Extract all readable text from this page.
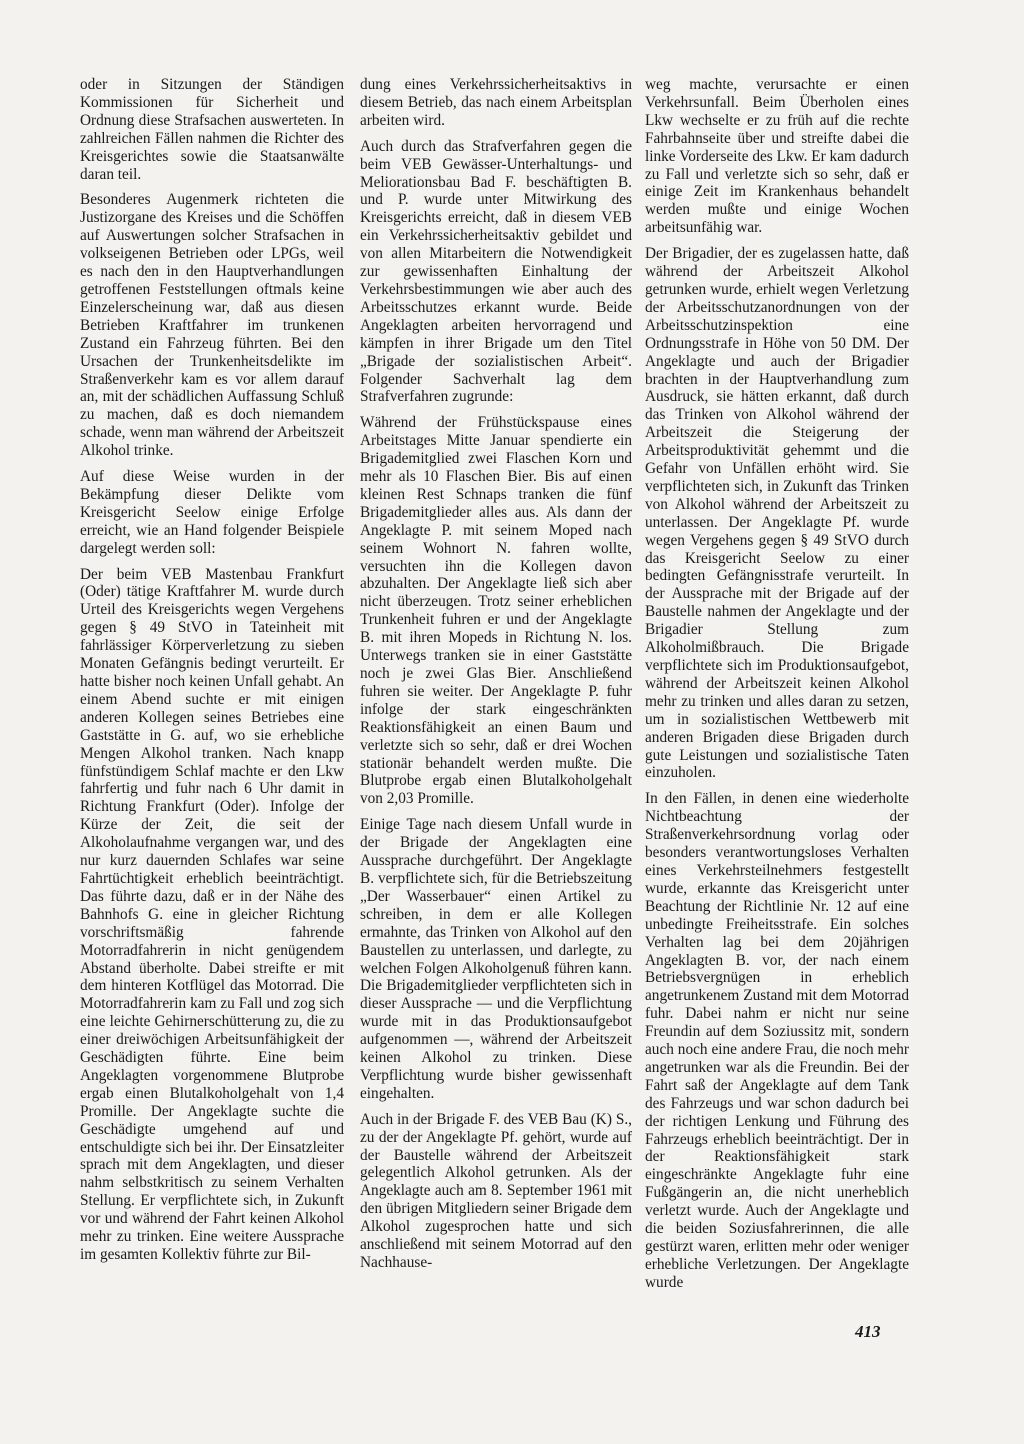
oder in Sitzungen der Ständigen Kommissionen für Sicherheit und Ordnung diese Strafsachen auswerteten. In zahlreichen Fällen nahmen die Richter des Kreisgerichtes sowie die Staatsanwälte daran teil.

Besonderes Augenmerk richteten die Justizorgane des Kreises und die Schöffen auf Auswertungen solcher Strafsachen in volkseigenen Betrieben oder LPGs, weil es nach den in den Hauptverhandlungen getroffenen Feststellungen oftmals keine Einzelerscheinung war, daß aus diesen Betrieben Kraftfahrer im trunkenen Zustand ein Fahrzeug führten. Bei den Ursachen der Trunkenheitsdelikte im Straßenverkehr kam es vor allem darauf an, mit der schädlichen Auffassung Schluß zu machen, daß es doch niemandem schade, wenn man während der Arbeitszeit Alkohol trinke.

Auf diese Weise wurden in der Bekämpfung dieser Delikte vom Kreisgericht Seelow einige Erfolge erreicht, wie an Hand folgender Beispiele dargelegt werden soll:

Der beim VEB Mastenbau Frankfurt (Oder) tätige Kraftfahrer M. wurde durch Urteil des Kreisgerichts wegen Vergehens gegen § 49 StVO in Tateinheit mit fahrlässiger Körperverletzung zu sieben Monaten Gefängnis bedingt verurteilt. Er hatte bisher noch keinen Unfall gehabt. An einem Abend suchte er mit einigen anderen Kollegen seines Betriebes eine Gaststätte in G. auf, wo sie erhebliche Mengen Alkohol tranken. Nach knapp fünfstündigem Schlaf machte er den Lkw fahrfertig und fuhr nach 6 Uhr damit in Richtung Frankfurt (Oder). Infolge der Kürze der Zeit, die seit der Alkoholaufnahme vergangen war, und des nur kurz dauernden Schlafes war seine Fahrtüchtigkeit erheblich beeinträchtigt. Das führte dazu, daß er in der Nähe des Bahnhofs G. eine in gleicher Richtung vorschriftsmäßig fahrende Motorradfahrerin in nicht genügendem Abstand überholte. Dabei streifte er mit dem hinteren Kotflügel das Motorrad. Die Motorradfahrerin kam zu Fall und zog sich eine leichte Gehirnerschütterung zu, die zu einer dreiwöchigen Arbeitsunfähigkeit der Geschädigten führte. Eine beim Angeklagten vorgenommene Blutprobe ergab einen Blutalkoholgehalt von 1,4 Promille. Der Angeklagte suchte die Geschädigte umgehend auf und entschuldigte sich bei ihr. Der Einsatzleiter sprach mit dem Angeklagten, und dieser nahm selbstkritisch zu seinem Verhalten Stellung. Er verpflichtete sich, in Zukunft vor und während der Fahrt keinen Alkohol mehr zu trinken. Eine weitere Aussprache im gesamten Kollektiv führte zur Bil-

dung eines Verkehrssicherheitsaktivs in diesem Betrieb, das nach einem Arbeitsplan arbeiten wird.

Auch durch das Strafverfahren gegen die beim VEB Gewässer-Unterhaltungs- und Meliorationsbau Bad F. beschäftigten B. und P. wurde unter Mitwirkung des Kreisgerichts erreicht, daß in diesem VEB ein Verkehrssicherheitsaktiv gebildet und von allen Mitarbeitern die Notwendigkeit zur gewissenhaften Einhaltung der Verkehrsbestimmungen wie aber auch des Arbeitsschutzes erkannt wurde. Beide Angeklagten arbeiten hervorragend und kämpfen in ihrer Brigade um den Titel „Brigade der sozialistischen Arbeit“. Folgender Sachverhalt lag dem Strafverfahren zugrunde:

Während der Frühstückspause eines Arbeitstages Mitte Januar spendierte ein Brigademitglied zwei Flaschen Korn und mehr als 10 Flaschen Bier. Bis auf einen kleinen Rest Schnaps tranken die fünf Brigademitglieder alles aus. Als dann der Angeklagte P. mit seinem Moped nach seinem Wohnort N. fahren wollte, versuchten ihn die Kollegen davon abzuhalten. Der Angeklagte ließ sich aber nicht überzeugen. Trotz seiner erheblichen Trunkenheit fuhren er und der Angeklagte B. mit ihren Mopeds in Richtung N. los. Unterwegs tranken sie in einer Gaststätte noch je zwei Glas Bier. Anschließend fuhren sie weiter. Der Angeklagte P. fuhr infolge der stark eingeschränkten Reaktionsfähigkeit an einen Baum und verletzte sich so sehr, daß er drei Wochen stationär behandelt werden mußte. Die Blutprobe ergab einen Blutalkoholgehalt von 2,03 Promille.

Einige Tage nach diesem Unfall wurde in der Brigade der Angeklagten eine Aussprache durchgeführt. Der Angeklagte B. verpflichtete sich, für die Betriebszeitung „Der Wasserbauer“ einen Artikel zu schreiben, in dem er alle Kollegen ermahnte, das Trinken von Alkohol auf den Baustellen zu unterlassen, und darlegte, zu welchen Folgen Alkoholgenuß führen kann. Die Brigademitglieder verpflichteten sich in dieser Aussprache — und die Verpflichtung wurde mit in das Produktionsaufgebot aufgenommen —, während der Arbeitszeit keinen Alkohol zu trinken. Diese Verpflichtung wurde bisher gewissenhaft eingehalten.

Auch in der Brigade F. des VEB Bau (K) S., zu der der Angeklagte Pf. gehört, wurde auf der Baustelle während der Arbeitszeit gelegentlich Alkohol getrunken. Als der Angeklagte auch am 8. September 1961 mit den übrigen Mitgliedern seiner Brigade dem Alkohol zugesprochen hatte und sich anschließend mit seinem Motorrad auf den Nachhause-

weg machte, verursachte er einen Verkehrsunfall. Beim Überholen eines Lkw wechselte er zu früh auf die rechte Fahrbahnseite über und streifte dabei die linke Vorderseite des Lkw. Er kam dadurch zu Fall und verletzte sich so sehr, daß er einige Zeit im Krankenhaus behandelt werden mußte und einige Wochen arbeitsunfähig war.

Der Brigadier, der es zugelassen hatte, daß während der Arbeitszeit Alkohol getrunken wurde, erhielt wegen Verletzung der Arbeitsschutzanordnungen von der Arbeitsschutzinspektion eine Ordnungsstrafe in Höhe von 50 DM. Der Angeklagte und auch der Brigadier brachten in der Hauptverhandlung zum Ausdruck, sie hätten erkannt, daß durch das Trinken von Alkohol während der Arbeitszeit die Steigerung der Arbeitsproduktivität gehemmt und die Gefahr von Unfällen erhöht wird. Sie verpflichteten sich, in Zukunft das Trinken von Alkohol während der Arbeitszeit zu unterlassen. Der Angeklagte Pf. wurde wegen Vergehens gegen § 49 StVO durch das Kreisgericht Seelow zu einer bedingten Gefängnisstrafe verurteilt. In der Aussprache mit der Brigade auf der Baustelle nahmen der Angeklagte und der Brigadier Stellung zum Alkoholmißbrauch. Die Brigade verpflichtete sich im Produktionsaufgebot, während der Arbeitszeit keinen Alkohol mehr zu trinken und alles daran zu setzen, um in sozialistischen Wettbewerb mit anderen Brigaden diese Brigaden durch gute Leistungen und sozialistische Taten einzuholen.

In den Fällen, in denen eine wiederholte Nichtbeachtung der Straßenverkehrsordnung vorlag oder besonders verantwortungsloses Verhalten eines Verkehrsteilnehmers festgestellt wurde, erkannte das Kreisgericht unter Beachtung der Richtlinie Nr. 12 auf eine unbedingte Freiheitsstrafe. Ein solches Verhalten lag bei dem 20jährigen Angeklagten B. vor, der nach einem Betriebsvergnügen in erheblich angetrunkenem Zustand mit dem Motorrad fuhr. Dabei nahm er nicht nur seine Freundin auf dem Soziussitz mit, sondern auch noch eine andere Frau, die noch mehr angetrunken war als die Freundin. Bei der Fahrt saß der Angeklagte auf dem Tank des Fahrzeugs und war schon dadurch bei der richtigen Lenkung und Führung des Fahrzeugs erheblich beeinträchtigt. Der in der Reaktionsfähigkeit stark eingeschränkte Angeklagte fuhr eine Fußgängerin an, die nicht unerheblich verletzt wurde. Auch der Angeklagte und die beiden Soziusfahrerinnen, die alle gestürzt waren, erlitten mehr oder weniger erhebliche Verletzungen. Der Angeklagte wurde

413
